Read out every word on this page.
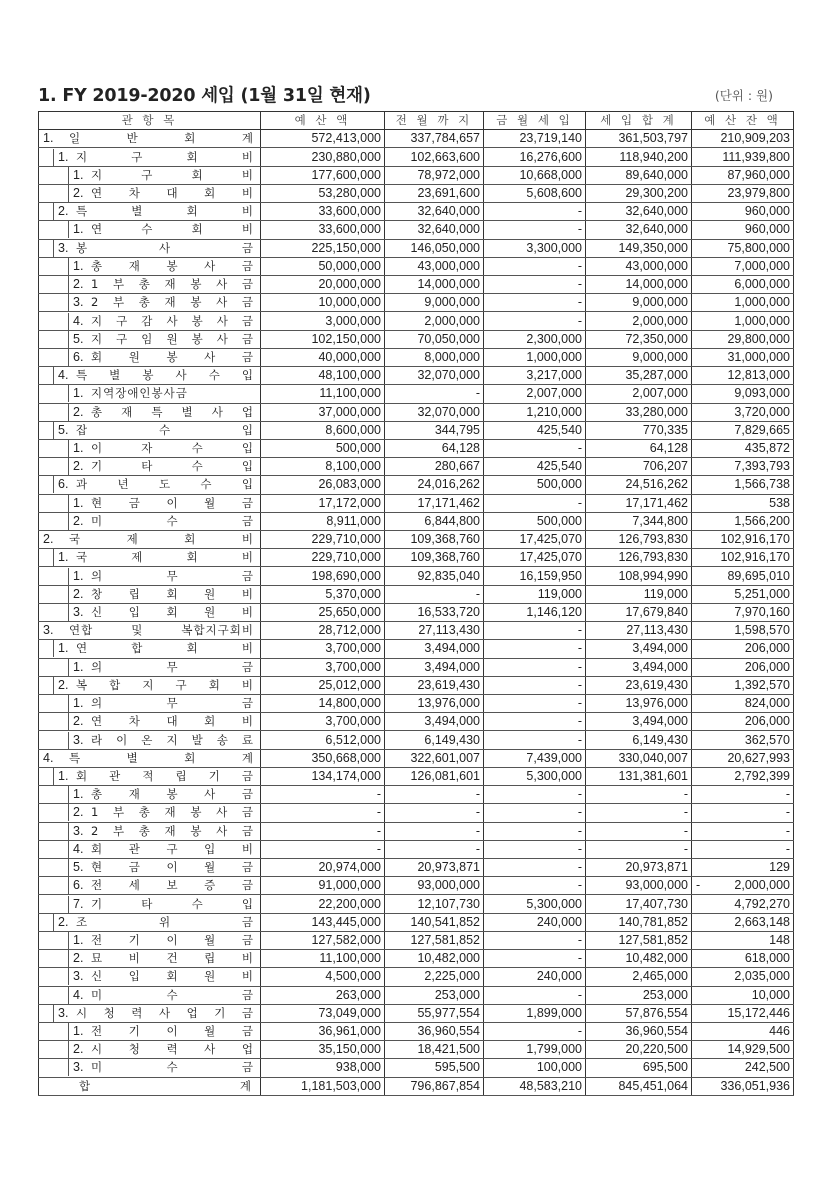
1. FY 2019-2020 세입 (1월 31일 현재)	(단위 : 원)
관 항 목	예 산 액	전 월 까 지	금 월 세 입	세 입 합 계	예 산 잔 액

1. 일 반 회 계	572,413,000	337,784,657	23,719,140	361,503,797	210,909,203

1. 지 구 회 비	230,880,000	102,663,600	16,276,600	118,940,200	111,939,800

1. 지 구 회 비	177,600,000	78,972,000	10,668,000	89,640,000	87,960,000

2. 연 차 대 회 비	53,280,000	23,691,600	5,608,600	29,300,200	23,979,800

2. 특 별 회 비	33,600,000	32,640,000	-	32,640,000	960,000

1. 연 수 회 비	33,600,000	32,640,000	-	32,640,000	960,000

3. 봉 사 금	225,150,000	146,050,000	3,300,000	149,350,000	75,800,000

1. 총 재 봉 사 금	50,000,000	43,000,000	-	43,000,000	7,000,000

2. 1 부 총 재 봉 사 금	20,000,000	14,000,000	-	14,000,000	6,000,000

3. 2 부 총 재 봉 사 금	10,000,000	9,000,000	-	9,000,000	1,000,000

4. 지 구 감 사 봉 사 금	3,000,000	2,000,000	-	2,000,000	1,000,000

5. 지 구 임 원 봉 사 금	102,150,000	70,050,000	2,300,000	72,350,000	29,800,000

6. 회 원 봉 사 금	40,000,000	8,000,000	1,000,000	9,000,000	31,000,000

4. 특 별 봉 사 수 입	48,100,000	32,070,000	3,217,000	35,287,000	12,813,000

1. 지역장애인봉사금	11,100,000	-	2,007,000	2,007,000	9,093,000

2. 총 재 특 별 사 업	37,000,000	32,070,000	1,210,000	33,280,000	3,720,000

5. 잡 수 입	8,600,000	344,795	425,540	770,335	7,829,665

1. 이 자 수 입	500,000	64,128	-	64,128	435,872

2. 기 타 수 입	8,100,000	280,667	425,540	706,207	7,393,793

6. 과 년 도 수 입	26,083,000	24,016,262	500,000	24,516,262	1,566,738

1. 현 금 이 월 금	17,172,000	17,171,462	-	17,171,462	538

2. 미 수 금	8,911,000	6,844,800	500,000	7,344,800	1,566,200

2. 국 제 회 비	229,710,000	109,368,760	17,425,070	126,793,830	102,916,170

1. 국 제 회 비	229,710,000	109,368,760	17,425,070	126,793,830	102,916,170

1. 의 무 금	198,690,000	92,835,040	16,159,950	108,994,990	89,695,010

2. 창 립 회 원 비	5,370,000	-	119,000	119,000	5,251,000

3. 신 입 회 원 비	25,650,000	16,533,720	1,146,120	17,679,840	7,970,160

3. 연합 및 복합지구회비	28,712,000	27,113,430	-	27,113,430	1,598,570

1. 연 합 회 비	3,700,000	3,494,000	-	3,494,000	206,000

1. 의 무 금	3,700,000	3,494,000	-	3,494,000	206,000

2. 복 합 지 구 회 비	25,012,000	23,619,430	-	23,619,430	1,392,570

1. 의 무 금	14,800,000	13,976,000	-	13,976,000	824,000

2. 연 차 대 회 비	3,700,000	3,494,000	-	3,494,000	206,000

3. 라 이 온 지 발 송 료	6,512,000	6,149,430	-	6,149,430	362,570

4. 특 별 회 계	350,668,000	322,601,007	7,439,000	330,040,007	20,627,993

1. 회 관 적 립 기 금	134,174,000	126,081,601	5,300,000	131,381,601	2,792,399

1. 총 재 봉 사 금	-	-	-	-	-

2. 1 부 총 재 봉 사 금	-	-	-	-	-

3. 2 부 총 재 봉 사 금	-	-	-	-	-

4. 회 관 구 입 비	-	-	-	-	-

5. 현 금 이 월 금	20,974,000	20,973,871	-	20,973,871	129

6. 전 세 보 증 금	91,000,000	93,000,000	-	93,000,000	- 2,000,000

7. 기 타 수 입	22,200,000	12,107,730	5,300,000	17,407,730	4,792,270

2. 조 위 금	143,445,000	140,541,852	240,000	140,781,852	2,663,148

1. 전 기 이 월 금	127,582,000	127,581,852	-	127,581,852	148

2. 묘 비 건 립 비	11,100,000	10,482,000	-	10,482,000	618,000

3. 신 입 회 원 비	4,500,000	2,225,000	240,000	2,465,000	2,035,000

4. 미 수 금	263,000	253,000	-	253,000	10,000

3. 시 청 력 사 업 기 금	73,049,000	55,977,554	1,899,000	57,876,554	15,172,446

1. 전 기 이 월 금	36,961,000	36,960,554	-	36,960,554	446

2. 시 청 력 사 업	35,150,000	18,421,500	1,799,000	20,220,500	14,929,500

3. 미 수 금	938,000	595,500	100,000	695,500	242,500

합 계	1,181,503,000	796,867,854	48,583,210	845,451,064	336,051,936
